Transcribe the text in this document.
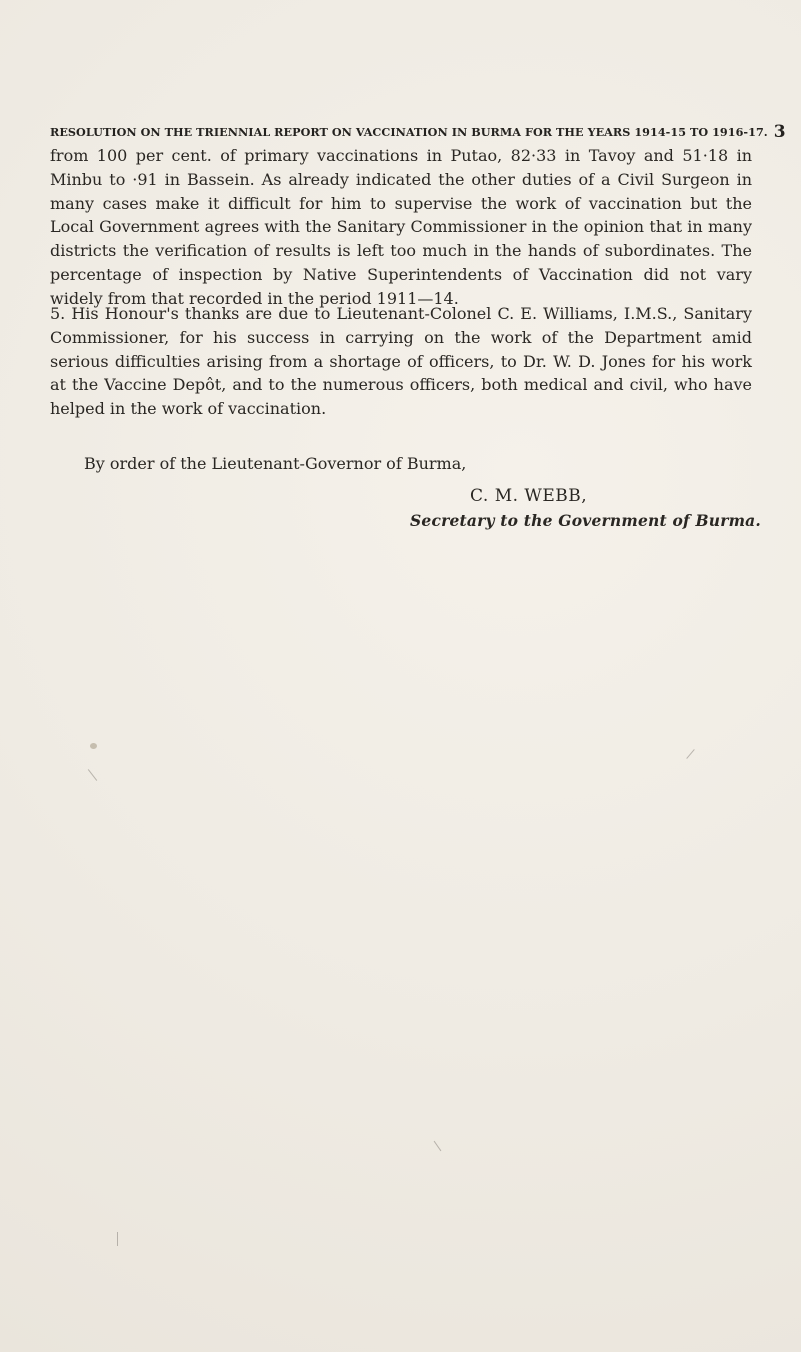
RESOLUTION ON THE TRIENNIAL REPORT ON VACCINATION IN BURMA FOR THE YEARS 1914-15 TO 1916-17. 3

from 100 per cent. of primary vaccinations in Putao, 82·33 in Tavoy and 51·18 in Minbu to ·91 in Bassein. As already indicated the other duties of a Civil Surgeon in many cases make it difficult for him to supervise the work of vaccination but the Local Government agrees with the Sanitary Commissioner in the opinion that in many districts the verification of results is left too much in the hands of subordinates. The percentage of inspection by Native Superintendents of Vaccination did not vary widely from that recorded in the period 1911—14.

5. His Honour's thanks are due to Lieutenant-Colonel C. E. Williams, I.M.S., Sanitary Commissioner, for his success in carrying on the work of the Department amid serious difficulties arising from a shortage of officers, to Dr. W. D. Jones for his work at the Vaccine Depôt, and to the numerous officers, both medical and civil, who have helped in the work of vaccination.

By order of the Lieutenant-Governor of Burma,

C. M. WEBB,
Secretary to the Government of Burma.
